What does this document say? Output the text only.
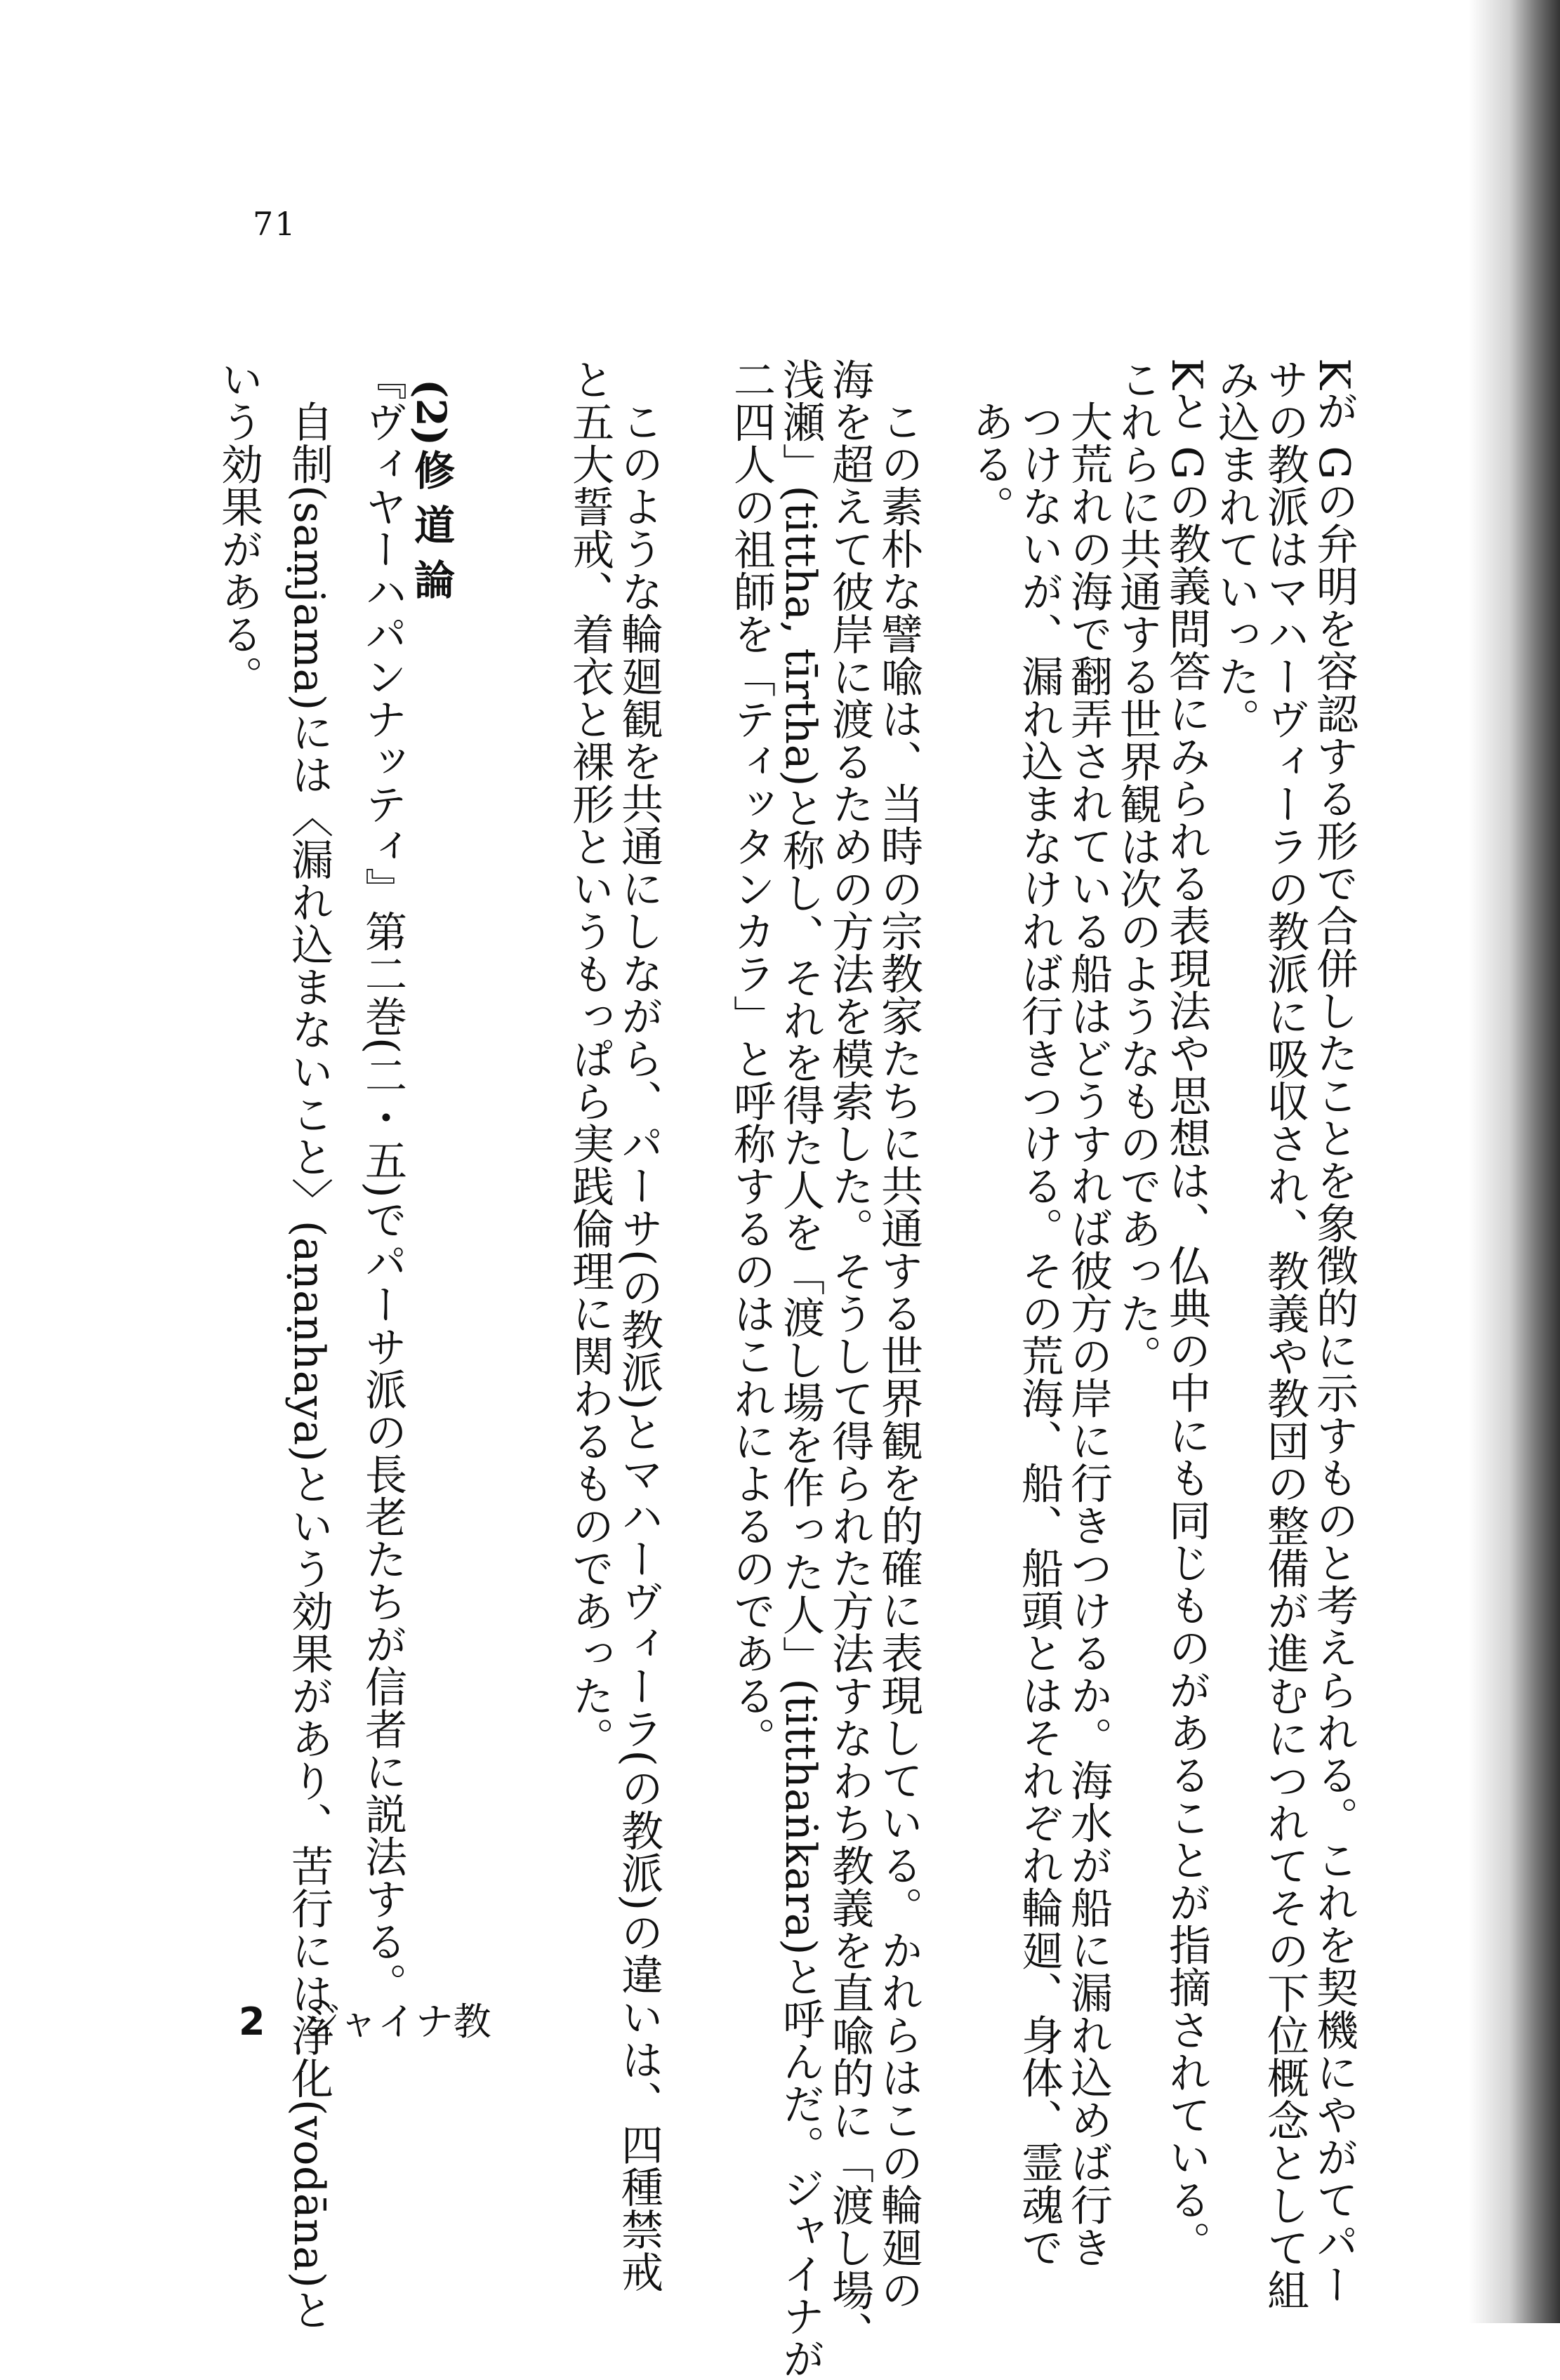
71
Kが Gの弁明を容認する形で合併したことを象徴的に示すものと考えられる。これを契機にやがてパー
サの教派はマハーヴィーラの教派に吸収され、教義や教団の整備が進むにつれてその下位概念として組
み込まれていった。
Kと Gの教義問答にみられる表現法や思想は、仏典の中にも同じものがあることが指摘されている。
これらに共通する世界観は次のようなものであった。
大荒れの海で翻弄されている船はどうすれば彼方の岸に行きつけるか。海水が船に漏れ込めば行き
つけないが、漏れ込まなければ行きつける。その荒海、船、船頭とはそれぞれ輪廻、身体、霊魂で
ある。
この素朴な譬喩は、当時の宗教家たちに共通する世界観を的確に表現している。かれらはこの輪廻の
海を超えて彼岸に渡るための方法を模索した。そうして得られた方法すなわち教義を直喩的に「渡し場、
浅瀬」(tittha, tīrtha)と称し、それを得た人を「渡し場を作った人」(titthaṅkara)と呼んだ。ジャイナが
二四人の祖師を「ティッタンカラ」と呼称するのはこれによるのである。
このような輪廻観を共通にしながら、パーサ(の教派)とマハーヴィーラ(の教派)の違いは、四種禁戒
と五大誓戒、着衣と裸形というもっぱら実践倫理に関わるものであった。
(2)
修道論
『ヴィヤーハパンナッティ』第二巻(二・五)でパーサ派の長老たちが信者に説法する。
自制(saṃjama)には〈漏れ込まないこと〉(aṇaṇhaya)という効果があり、苦行には浄化(vodāna)と
いう効果がある。
2 ジャイナ教
